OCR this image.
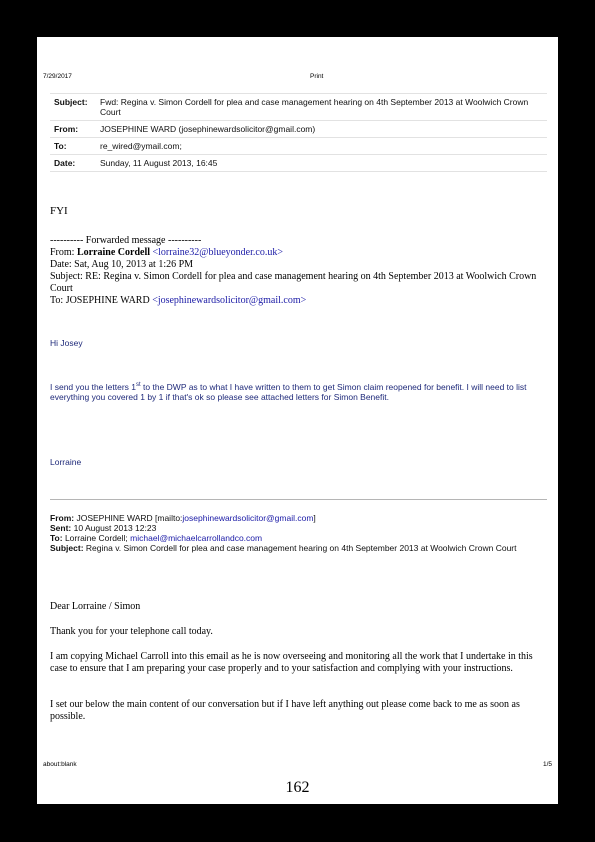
7/29/2017	Print
Subject:	Fwd: Regina v. Simon Cordell for plea and case management hearing on 4th September 2013 at Woolwich Crown Court
From:	JOSEPHINE WARD (josephinewardsolicitor@gmail.com)
To:	re_wired@ymail.com;
Date:	Sunday, 11 August 2013, 16:45
FYI
---------- Forwarded message ----------
From: Lorraine Cordell <lorraine32@blueyonder.co.uk>
Date: Sat, Aug 10, 2013 at 1:26 PM
Subject: RE: Regina v. Simon Cordell for plea and case management hearing on 4th September 2013 at Woolwich Crown Court
To: JOSEPHINE WARD <josephinewardsolicitor@gmail.com>
Hi Josey
I send you the letters 1st to the DWP as to what I have written to them to get Simon claim reopened for benefit. I will need to list everything you covered 1 by 1 if that's ok so please see attached letters for Simon Benefit.
Lorraine
From: JOSEPHINE WARD [mailto:josephinewardsolicitor@gmail.com]
Sent: 10 August 2013 12:23
To: Lorraine Cordell; michael@michaelcarrollandco.com
Subject: Regina v. Simon Cordell for plea and case management hearing on 4th September 2013 at Woolwich Crown Court
Dear Lorraine / Simon
Thank you for your telephone call today.
I am copying Michael Carroll into this email as he is now overseeing and monitoring all the work that I undertake in this case to ensure that I am preparing your case properly and to your satisfaction and complying with your instructions.
I set our below the main content of our conversation but if I have left anything out please come back to me as soon as possible.
about:blank	1/5
162
